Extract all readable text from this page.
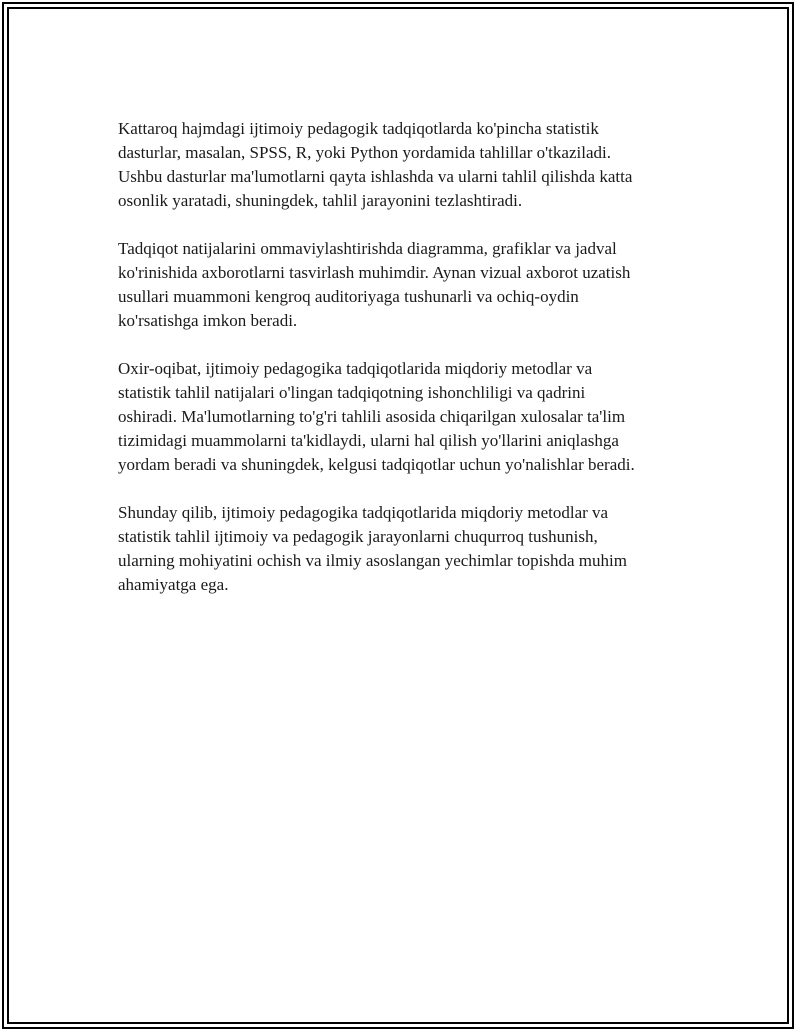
Kattaroq hajmdagi ijtimoiy pedagogik tadqiqotlarda ko'pincha statistik
dasturlar, masalan, SPSS, R, yoki Python yordamida tahlillar o'tkaziladi.
Ushbu dasturlar ma'lumotlarni qayta ishlashda va ularni tahlil qilishda katta
osonlik yaratadi, shuningdek, tahlil jarayonini tezlashtiradi.

Tadqiqot natijalarini ommaviylashtirishda diagramma, grafiklar va jadval
ko'rinishida axborotlarni tasvirlash muhimdir. Aynan vizual axborot uzatish
usullari muammoni kengroq auditoriyaga tushunarli va ochiq-oydin
ko'rsatishga imkon beradi.

Oxir-oqibat, ijtimoiy pedagogika tadqiqotlarida miqdoriy metodlar va
statistik tahlil natijalari o'lingan tadqiqotning ishonchliligi va qadrini
oshiradi. Ma'lumotlarning to'g'ri tahlili asosida chiqarilgan xulosalar ta'lim
tizimidagi muammolarni ta'kidlaydi, ularni hal qilish yo'llarini aniqlashga
yordam beradi va shuningdek, kelgusi tadqiqotlar uchun yo'nalishlar beradi.

Shunday qilib, ijtimoiy pedagogika tadqiqotlarida miqdoriy metodlar va
statistik tahlil ijtimoiy va pedagogik jarayonlarni chuqurroq tushunish,
ularning mohiyatini ochish va ilmiy asoslangan yechimlar topishda muhim
ahamiyatga ega.
